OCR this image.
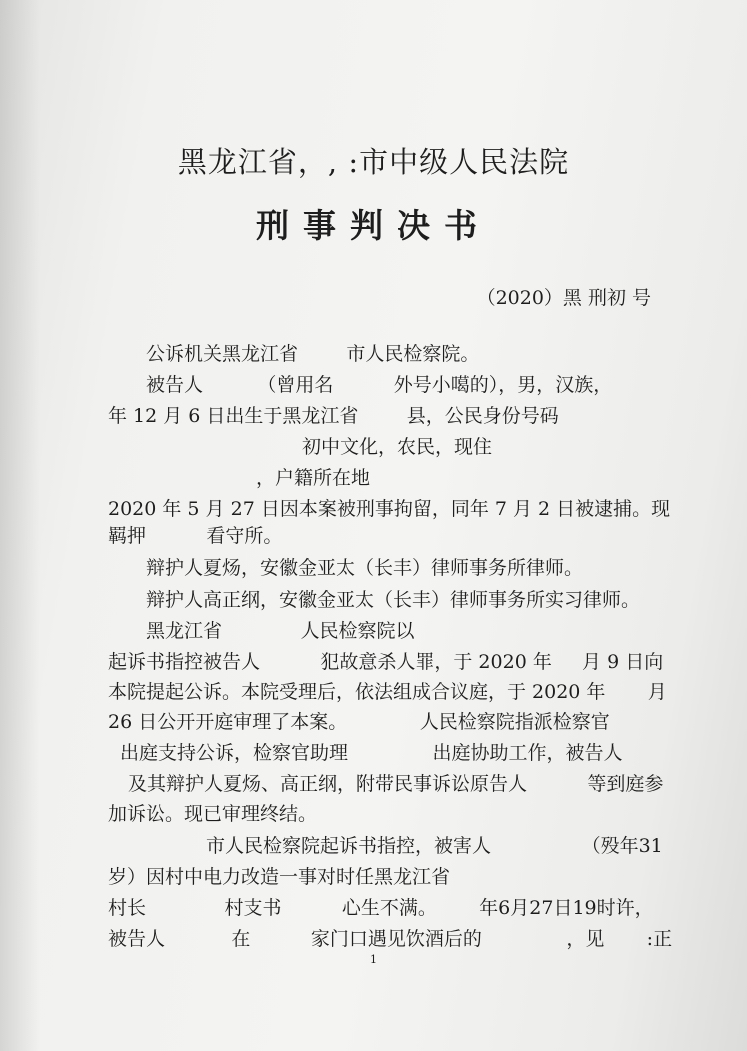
黑龙江省，, :市中级人民法院
刑事判决书
（2020）黑 刑初 号
公诉机关黑龙江省        市人民检察院。
被告人         （曾用名          外号小噶的），男，汉族，
年 12 月 6 日出生于黑龙江省        县，公民身份号码
初中文化，农民，现住
，户籍所在地
2020 年 5 月 27 日因本案被刑事拘留，同年 7 月 2 日被逮捕。现
羁押          看守所。
辩护人夏炀，安徽金亚太（长丰）律师事务所律师。
辩护人高正纲，安徽金亚太（长丰）律师事务所实习律师。
黑龙江省             人民检察院以
起诉书指控被告人          犯故意杀人罪，于 2020 年     月 9 日向
本院提起公诉。本院受理后，依法组成合议庭，于 2020 年       月
26 日公开开庭审理了本案。            人民检察院指派检察官
出庭支持公诉，检察官助理              出庭协助工作，被告人
及其辩护人夏炀、高正纲，附带民事诉讼原告人          等到庭参
加诉讼。现已审理终结。
市人民检察院起诉书指控，被害人               （殁年31
岁）因村中电力改造一事对时任黑龙江省
村长             村支书          心生不满。       年6月27日19时许，
被告人           在          家门口遇见饮酒后的              ，见       :正
1
